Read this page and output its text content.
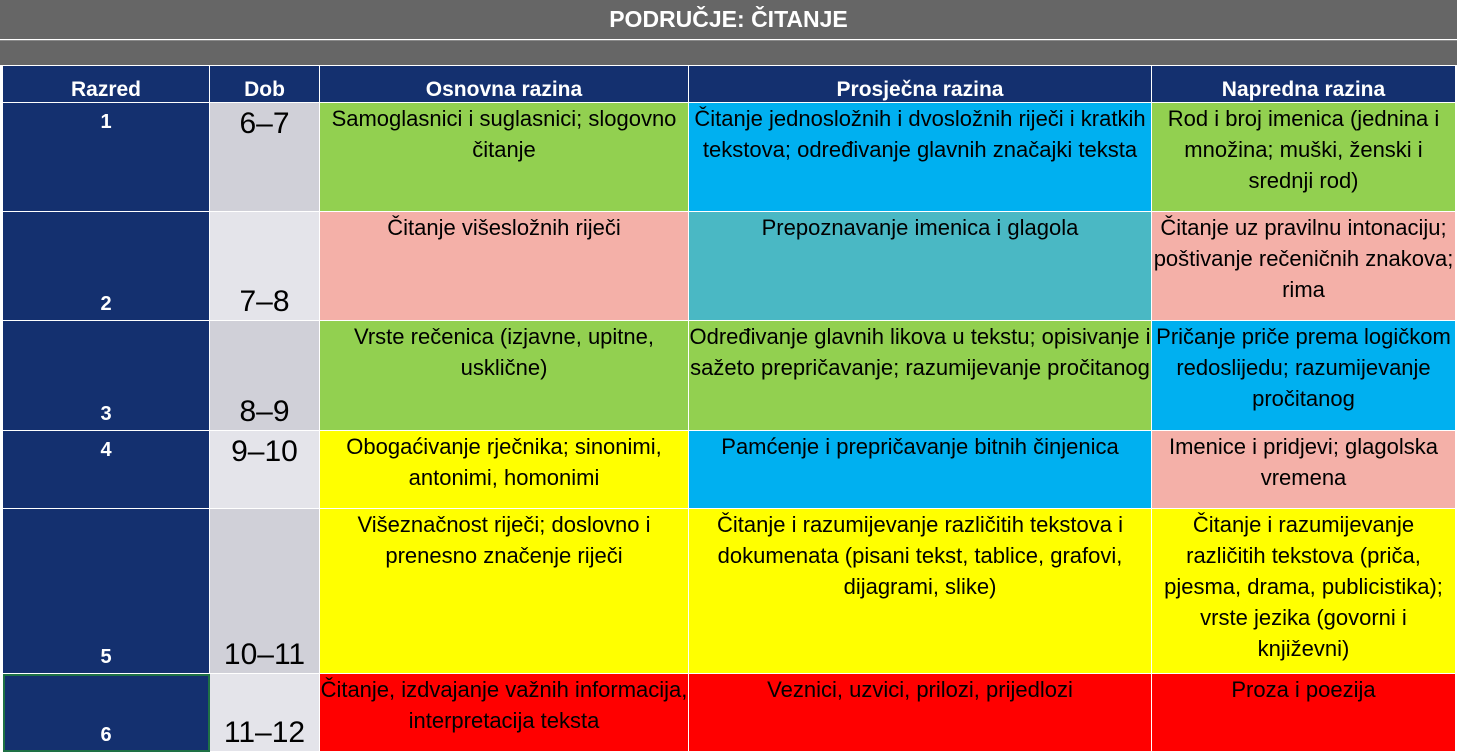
PODRUČJE: ČITANJE
Razred	Dob	Osnovna razina	Prosječna razina	Napredna razina
1	6–7	Samoglasnici i suglasnici; slogovno čitanje	Čitanje jednosložnih i dvosložnih riječi i kratkih tekstova; određivanje glavnih značajki teksta	Rod i broj imenica (jednina i množina; muški, ženski i srednji rod)

2	7–8	Čitanje višesložnih riječi	Prepoznavanje imenica i glagola	Čitanje uz pravilnu intonaciju; poštivanje rečeničnih znakova; rima
3	8–9	Vrste rečenica (izjavne, upitne, usklične)	Određivanje glavnih likova u tekstu; opisivanje i sažeto prepričavanje; razumijevanje pročitanog	Pričanje priče prema logičkom redoslijedu; razumijevanje pročitanog
4	9–10	Obogaćivanje rječnika; sinonimi, antonimi, homonimi	Pamćenje i prepričavanje bitnih činjenica	Imenice i pridjevi; glagolska vremena
5	10–11	Višeznačnost riječi; doslovno i prenesno značenje riječi	Čitanje i razumijevanje različitih tekstova i dokumenata (pisani tekst, tablice, grafovi, dijagrami, slike)	Čitanje i razumijevanje različitih tekstova (priča, pjesma, drama, publicistika); vrste jezika (govorni i književni)
6	11–12	Čitanje, izdvajanje važnih informacija, interpretacija teksta	Veznici, uzvici, prilozi, prijedlozi	Proza i poezija
